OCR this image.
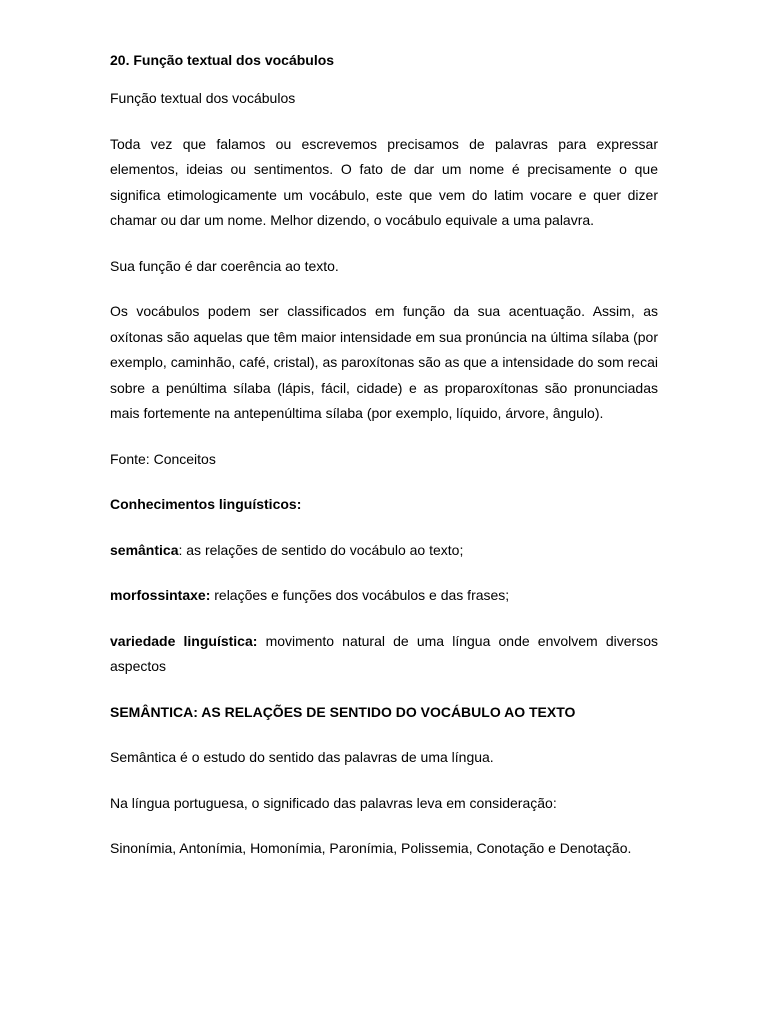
20. Função textual dos vocábulos

Função textual dos vocábulos

Toda vez que falamos ou escrevemos precisamos de palavras para expressar elementos, ideias ou sentimentos. O fato de dar um nome é precisamente o que significa etimologicamente um vocábulo, este que vem do latim vocare e quer dizer chamar ou dar um nome. Melhor dizendo, o vocábulo equivale a uma palavra.

Sua função é dar coerência ao texto.

Os vocábulos podem ser classificados em função da sua acentuação. Assim, as oxítonas são aquelas que têm maior intensidade em sua pronúncia na última sílaba (por exemplo, caminhão, café, cristal), as paroxítonas são as que a intensidade do som recai sobre a penúltima sílaba (lápis, fácil, cidade) e as proparoxítonas são pronunciadas mais fortemente na antepenúltima sílaba (por exemplo, líquido, árvore, ângulo).

Fonte: Conceitos

Conhecimentos linguísticos:

semântica: as relações de sentido do vocábulo ao texto;

morfossintaxe: relações e funções dos vocábulos e das frases;

variedade linguística: movimento natural de uma língua onde envolvem diversos aspectos

SEMÂNTICA: AS RELAÇÕES DE SENTIDO DO VOCÁBULO AO TEXTO

Semântica é o estudo do sentido das palavras de uma língua.

Na língua portuguesa, o significado das palavras leva em consideração:

Sinonímia, Antonímia, Homonímia, Paronímia, Polissemia, Conotação e Denotação.
